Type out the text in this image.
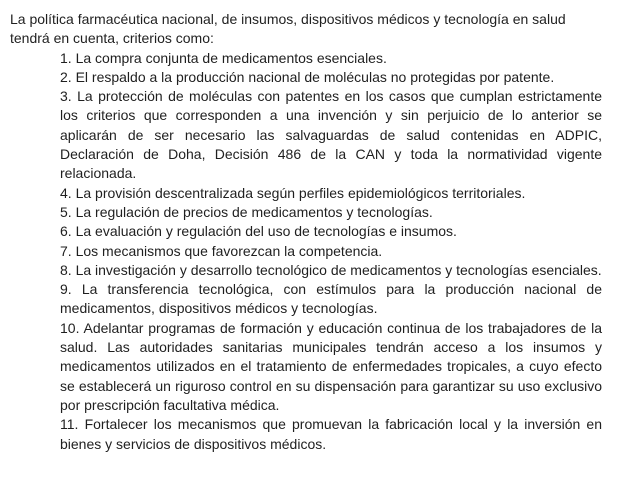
La política farmacéutica nacional, de insumos, dispositivos médicos y tecnología en salud tendrá en cuenta, criterios como:

1. La compra conjunta de medicamentos esenciales.

2. El respaldo a la producción nacional de moléculas no protegidas por patente.

3. La protección de moléculas con patentes en los casos que cumplan estrictamente los criterios que corresponden a una invención y sin perjuicio de lo anterior se aplicarán de ser necesario las salvaguardas de salud contenidas en ADPIC, Declaración de Doha, Decisión 486 de la CAN y toda la normatividad vigente relacionada.

4. La provisión descentralizada según perfiles epidemiológicos territoriales.

5. La regulación de precios de medicamentos y tecnologías.

6. La evaluación y regulación del uso de tecnologías e insumos.

7. Los mecanismos que favorezcan la competencia.

8. La investigación y desarrollo tecnológico de medicamentos y tecnologías esenciales.

9. La transferencia tecnológica, con estímulos para la producción nacional de medicamentos, dispositivos médicos y tecnologías.

10. Adelantar programas de formación y educación continua de los trabajadores de la salud. Las autoridades sanitarias municipales tendrán acceso a los insumos y medicamentos utilizados en el tratamiento de enfermedades tropicales, a cuyo efecto se establecerá un riguroso control en su dispensación para garantizar su uso exclusivo por prescripción facultativa médica.

11. Fortalecer los mecanismos que promuevan la fabricación local y la inversión en bienes y servicios de dispositivos médicos.
